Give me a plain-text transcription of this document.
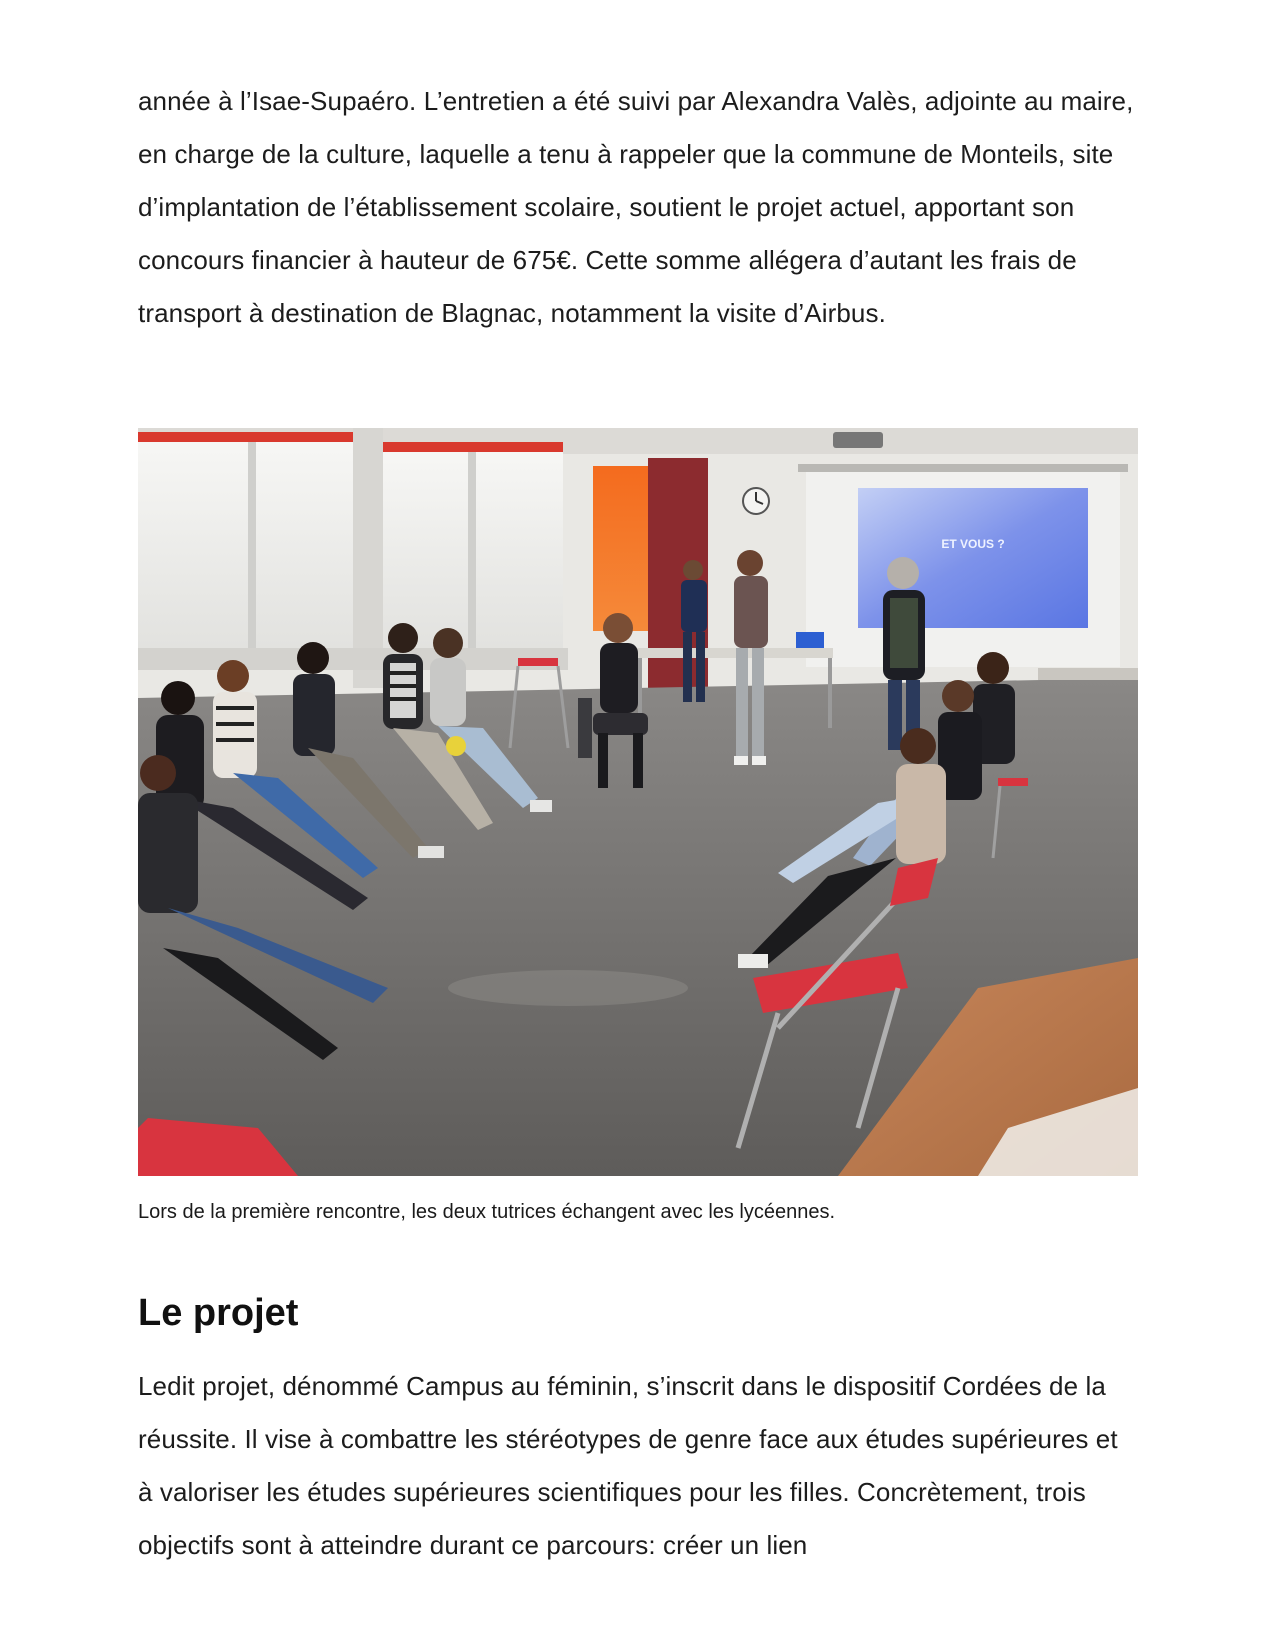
année à l’Isae-Supaéro. L’entretien a été suivi par Alexandra Valès, adjointe au maire, en charge de la culture, laquelle a tenu à rappeler que la commune de Monteils, site d’implantation de l’établissement scolaire, soutient le projet actuel, apportant son concours financier à hauteur de 675€. Cette somme allégera d’autant les frais de transport à destination de Blagnac, notamment la visite d’Airbus.

ET VOUS ?

Lors de la première rencontre, les deux tutrices échangent avec les lycéennes.

Le projet

Ledit projet, dénommé Campus au féminin, s’inscrit dans le dispositif Cordées de la réussite. Il vise à combattre les stéréotypes de genre face aux études supérieures et à valoriser les études supérieures scientifiques pour les filles. Concrètement, trois objectifs sont à atteindre durant ce parcours: créer un lien
